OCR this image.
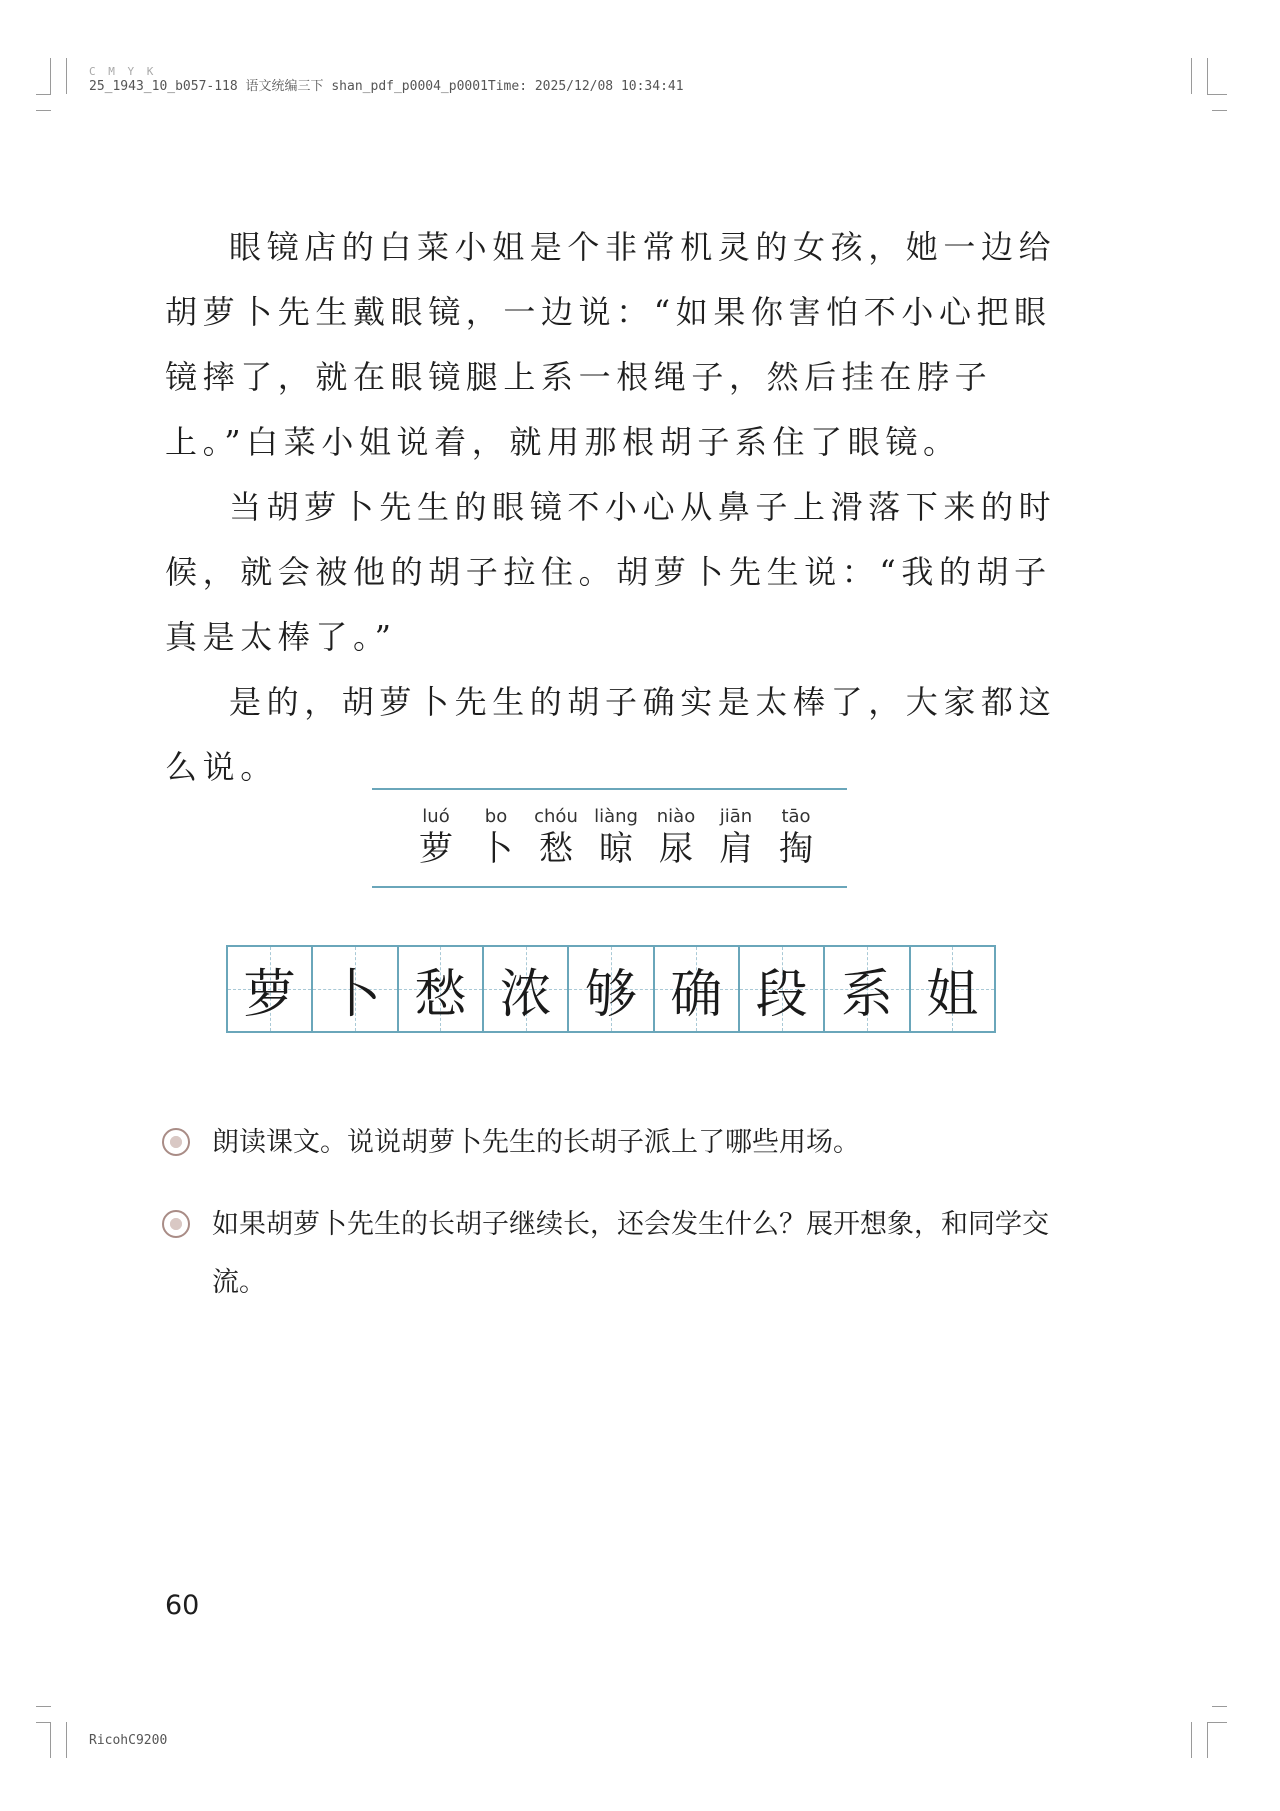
C M Y K
25_1943_10_b057-118 语文统编三下 shan_pdf_p0004_p0001Time: 2025/12/08 10:34:41

眼镜店的白菜小姐是个非常机灵的女孩，她一边给胡萝卜先生戴眼镜，一边说：“如果你害怕不小心把眼镜摔了，就在眼镜腿上系一根绳子，然后挂在脖子上。”白菜小姐说着，就用那根胡子系住了眼镜。

当胡萝卜先生的眼镜不小心从鼻子上滑落下来的时候，就会被他的胡子拉住。胡萝卜先生说：“我的胡子真是太棒了。”

是的，胡萝卜先生的胡子确实是太棒了，大家都这么说。

luó
萝
bo
卜
chóu
愁
liàng
晾
niào
尿
jiān
肩
tāo
掏
萝 卜 愁 浓 够 确 段 系 姐
朗读课文。说说胡萝卜先生的长胡子派上了哪些用场。
如果胡萝卜先生的长胡子继续长，还会发生什么？展开想象，和同学交流。
60
RicohC9200
